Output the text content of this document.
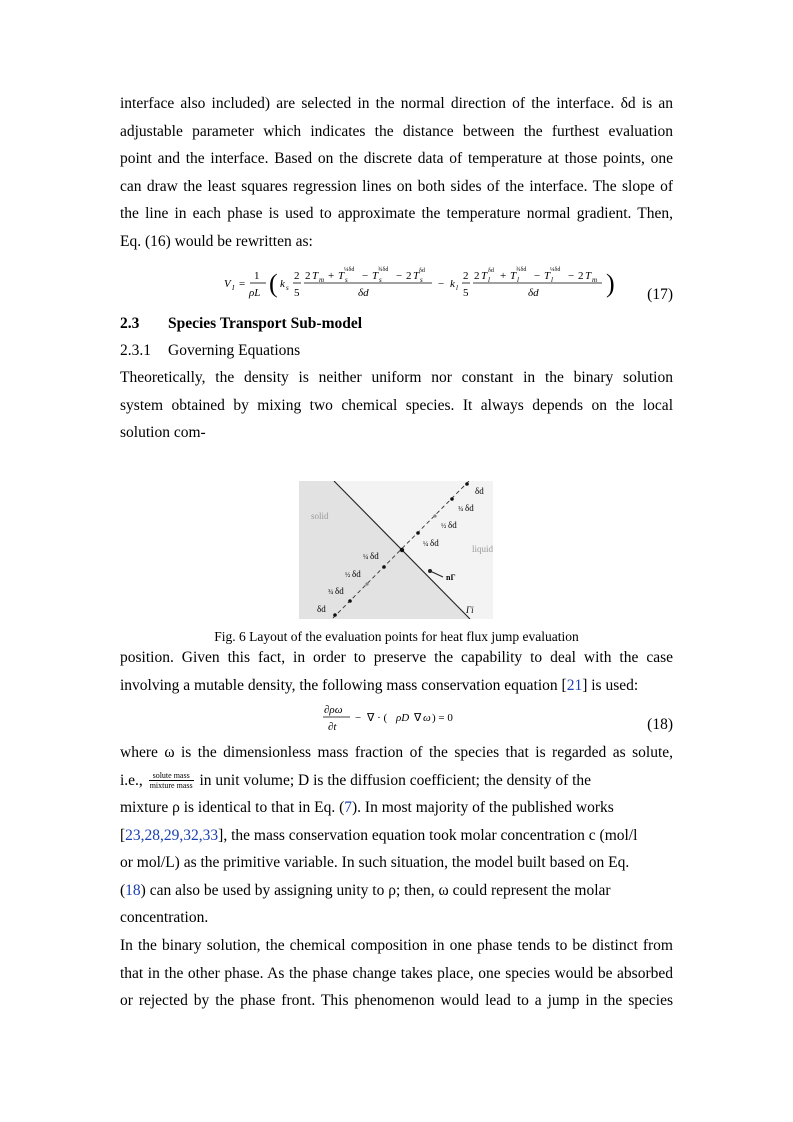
interface also included) are selected in the normal direction of the interface. δd is an
adjustable parameter which indicates the distance between the furthest evaluation
point and the interface. Based on the discrete data of temperature at those points, one
can draw the least squares regression lines on both sides of the interface. The slope of
the line in each phase is used to approximate the temperature normal gradient. Then,
Eq. (16) would be rewritten as:
V I =
1
ρL ( k s
2
5
2 T m + T s
¼δd − T s
¾δd − 2 T s
δd
δd
− k l
2
5
2 T l
δd + T l
¾δd − T l
¼δd − 2 T m
δd	) (17)
2.3 Species Transport Sub-model
2.3.1 Governing Equations
Theoretically, the density is neither uniform nor constant in the binary solution
system obtained by mixing two chemical species. It always depends on the local
solution com-
solid
liquid
nΓ
Γi
δd
¾ δd
½ δd
¼ δd
¼ δd
½ δd
¾ δd
δd
Fig. 6 Layout of the evaluation points for heat flux jump evaluation
position. Given this fact, in order to preserve the capability to deal with the case
involving a mutable density, the following mass conservation equation [21] is used:
∂ρω
∂t
− ∇ · ( ρD ∇ ω ) = 0	(18)
where ω is the dimensionless mass fraction of the species that is regarded as solute,
i.e., $\frac{\text{solute mass}}{\text{mixture mass}}$ in unit volume; D is the diffusion coefficient; the density of the
mixture ρ is identical to that in Eq. (7). In most majority of the published works
[23,28,29,32,33], the mass conservation equation took molar concentration c (mol/l
or mol/L) as the primitive variable. In such situation, the model built based on Eq.
(18) can also be used by assigning unity to ρ; then, ω could represent the molar
concentration.
In the binary solution, the chemical composition in one phase tends to be distinct from
that in the other phase. As the phase change takes place, one species would be absorbed
or rejected by the phase front. This phenomenon would lead to a jump in the species
